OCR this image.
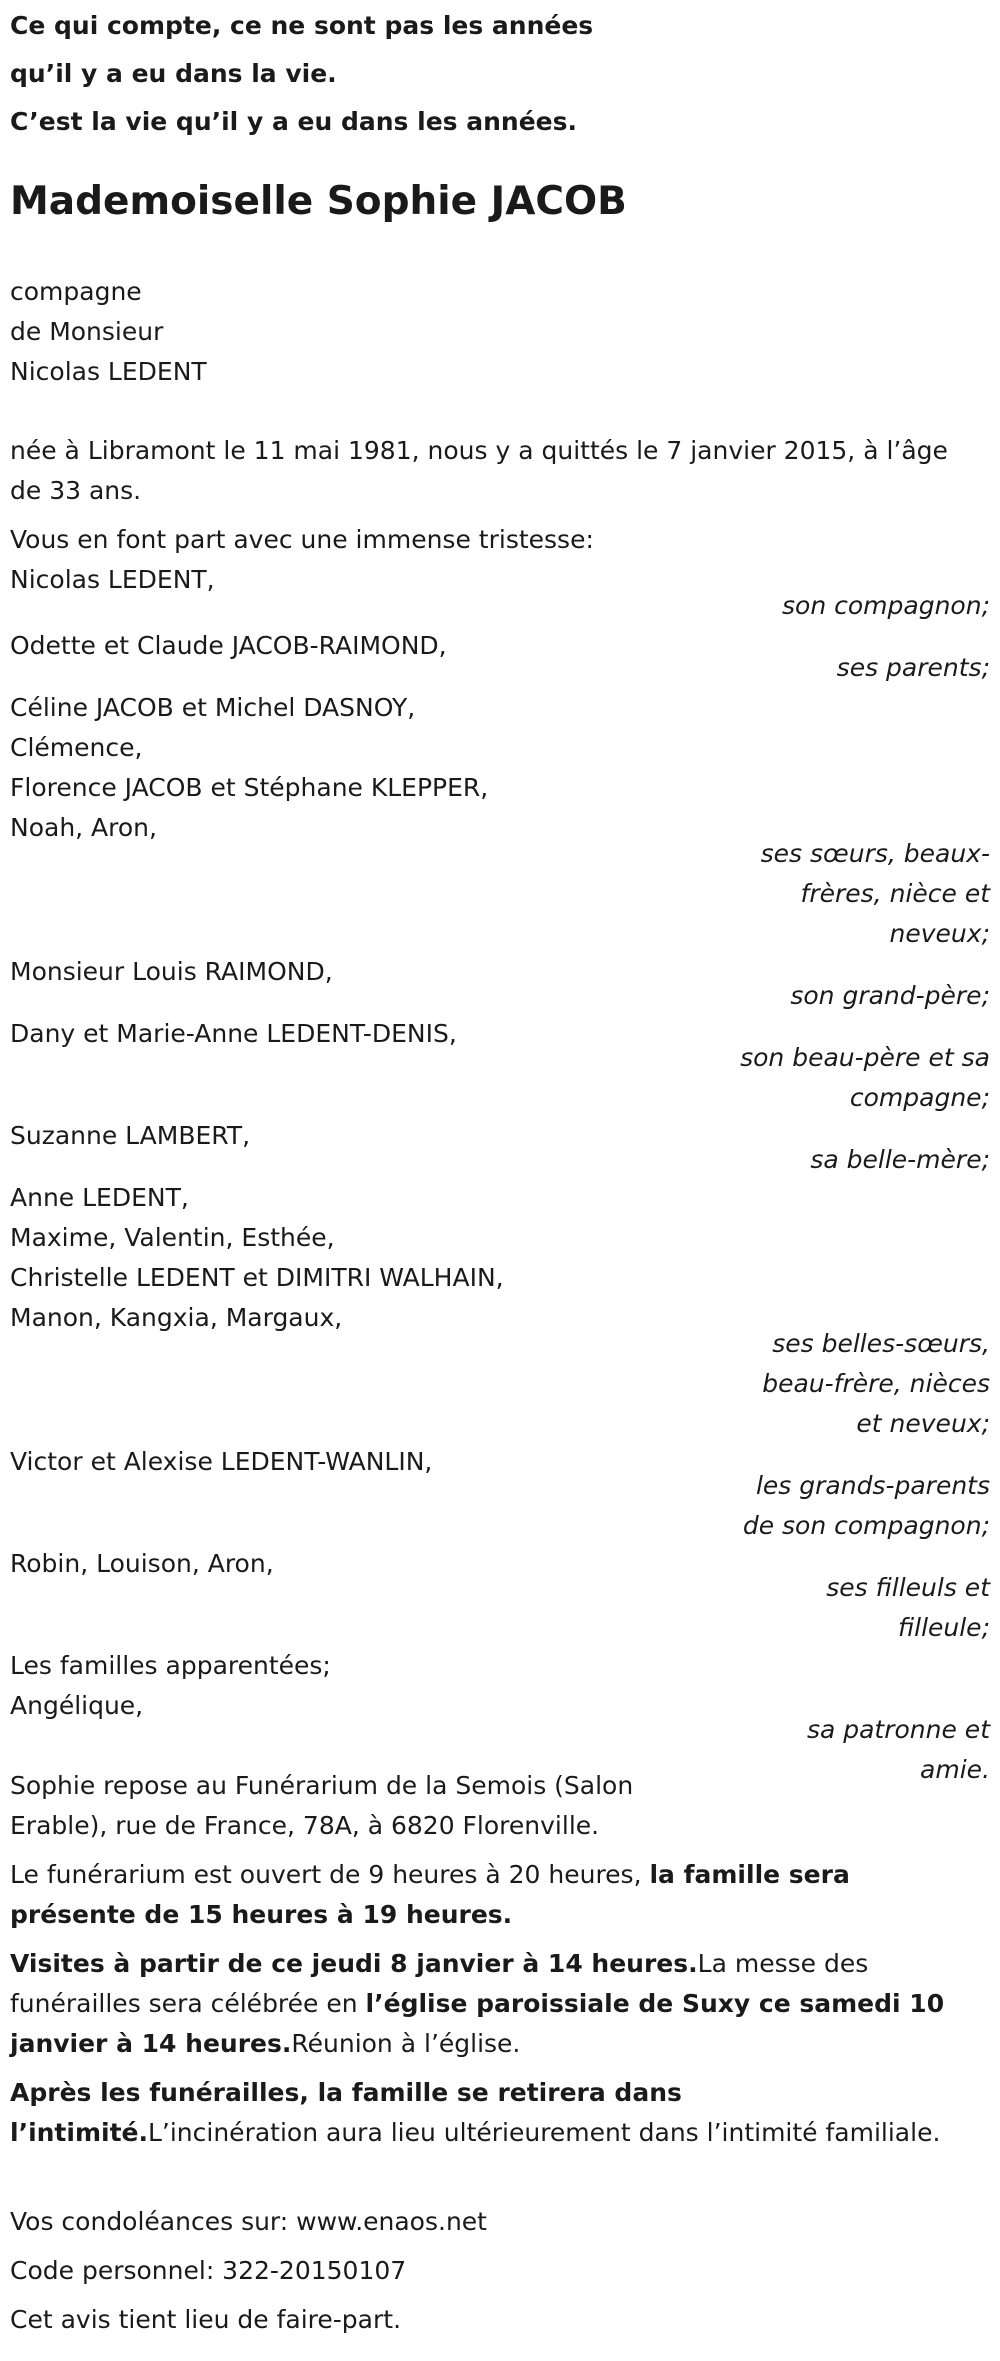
Ce qui compte, ce ne sont pas les années
qu’il y a eu dans la vie.
C’est la vie qu’il y a eu dans les années.
Mademoiselle Sophie JACOB
compagne
de Monsieur
Nicolas LEDENT
née à Libramont le 11 mai 1981, nous y a quittés le 7 janvier 2015, à l’âge
de 33 ans.
Vous en font part avec une immense tristesse:
Nicolas LEDENT,
son compagnon;
Odette et Claude JACOB-RAIMOND,
ses parents;
Céline JACOB et Michel DASNOY,
Clémence,
Florence JACOB et Stéphane KLEPPER,
Noah, Aron,
ses sœurs, beaux-
frères, nièce et
neveux;
Monsieur Louis RAIMOND,
son grand-père;
Dany et Marie-Anne LEDENT-DENIS,
son beau-père et sa
compagne;
Suzanne LAMBERT,
sa belle-mère;
Anne LEDENT,
Maxime, Valentin, Esthée,
Christelle LEDENT et DIMITRI WALHAIN,
Manon, Kangxia, Margaux,
ses belles-sœurs,
beau-frère, nièces
et neveux;
Victor et Alexise LEDENT-WANLIN,
les grands-parents
de son compagnon;
Robin, Louison, Aron,
ses filleuls et
filleule;
Les familles apparentées;
Angélique,
sa patronne et
amie.
Sophie repose au Funérarium de la Semois (Salon
Erable), rue de France, 78A, à 6820 Florenville.
Le funérarium est ouvert de 9 heures à 20 heures, la famille sera présente de 15 heures à 19 heures.
Visites à partir de ce jeudi 8 janvier à 14 heures.La messe des funérailles sera célébrée en l’église paroissiale de Suxy ce samedi 10 janvier à 14 heures.Réunion à l’église.
Après les funérailles, la famille se retirera dans l’intimité.L’incinération aura lieu ultérieurement dans l’intimité familiale.
Vos condoléances sur: www.enaos.net
Code personnel: 322-20150107
Cet avis tient lieu de faire-part.
